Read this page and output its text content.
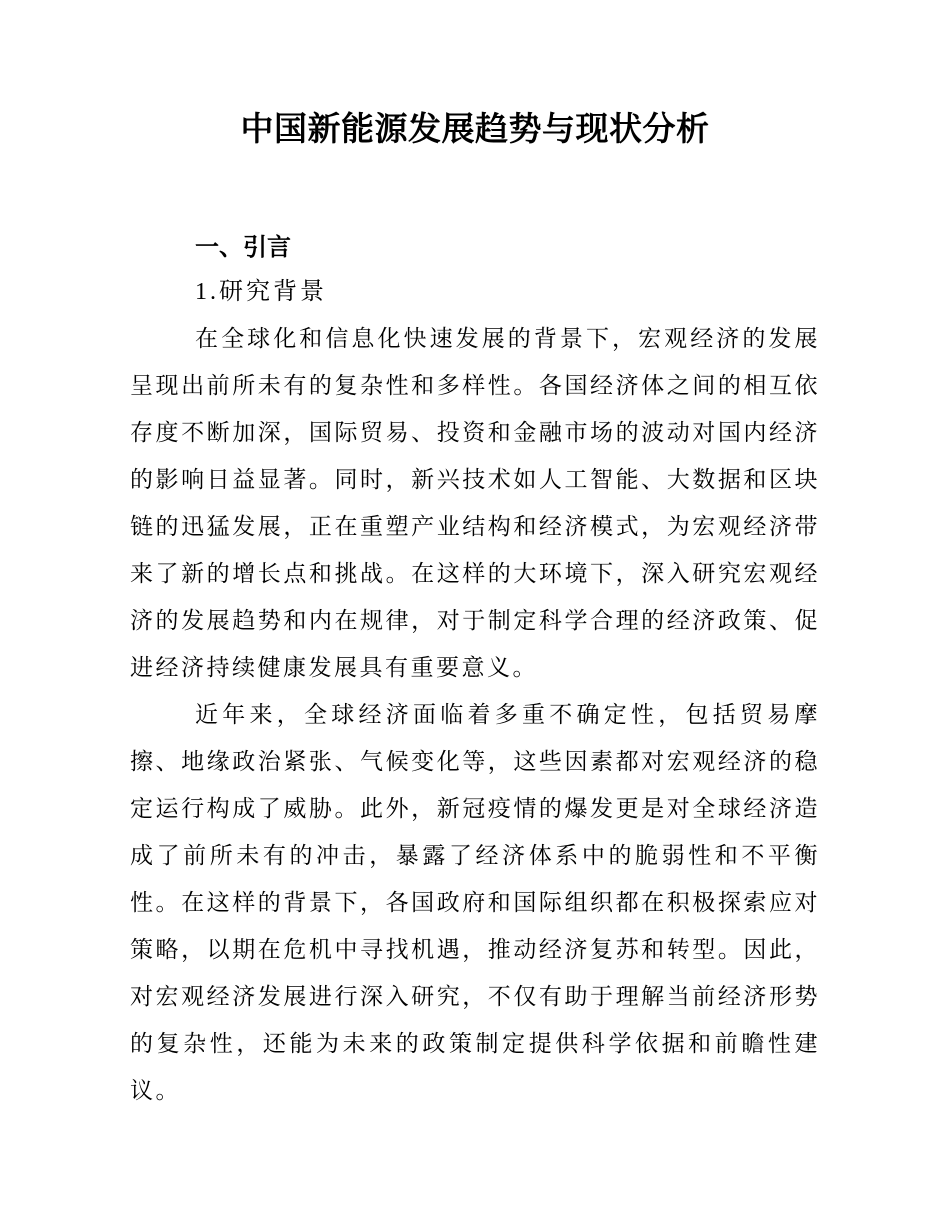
中国新能源发展趋势与现状分析
一、引言
1.研究背景

在全球化和信息化快速发展的背景下，宏观经济的发展呈现出前所未有的复杂性和多样性。各国经济体之间的相互依存度不断加深，国际贸易、投资和金融市场的波动对国内经济的影响日益显著。同时，新兴技术如人工智能、大数据和区块链的迅猛发展，正在重塑产业结构和经济模式，为宏观经济带来了新的增长点和挑战。在这样的大环境下，深入研究宏观经济的发展趋势和内在规律，对于制定科学合理的经济政策、促进经济持续健康发展具有重要意义。

近年来，全球经济面临着多重不确定性，包括贸易摩擦、地缘政治紧张、气候变化等，这些因素都对宏观经济的稳定运行构成了威胁。此外，新冠疫情的爆发更是对全球经济造成了前所未有的冲击，暴露了经济体系中的脆弱性和不平衡性。在这样的背景下，各国政府和国际组织都在积极探索应对策略，以期在危机中寻找机遇，推动经济复苏和转型。因此，对宏观经济发展进行深入研究，不仅有助于理解当前经济形势的复杂性，还能为未来的政策制定提供科学依据和前瞻性建议。
